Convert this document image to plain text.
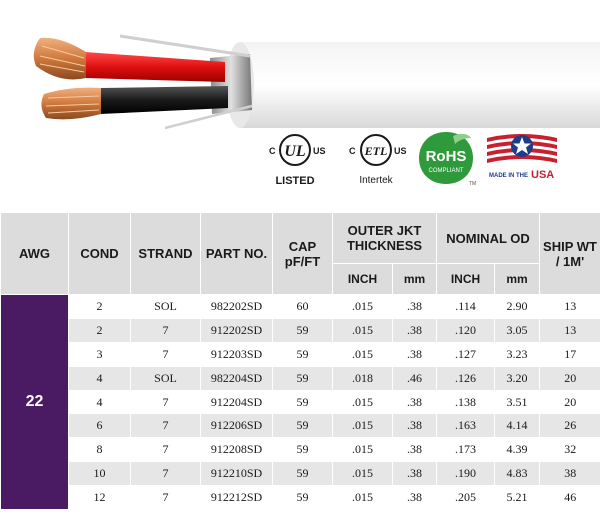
UL
C	US
LISTED
ETL
C	US
Intertek
RoHS
COMPLIANT
TM
MADE IN THE USA
AWG	COND	STRAND	PART NO.	CAP pF/FT	OUTER JKT THICKNESS		NOMINAL OD		SHIP WT / 1M'
					INCH	mm	INCH	mm	
22	2	SOL	982202SD	60	.015	.38	.114	2.90	13
	2	7	912202SD	59	.015	.38	.120	3.05	13
	3	7	912203SD	59	.015	.38	.127	3.23	17
	4	SOL	982204SD	59	.018	.46	.126	3.20	20
	4	7	912204SD	59	.015	.38	.138	3.51	20
	6	7	912206SD	59	.015	.38	.163	4.14	26
	8	7	912208SD	59	.015	.38	.173	4.39	32
	10	7	912210SD	59	.015	.38	.190	4.83	38
	12	7	912212SD	59	.015	.38	.205	5.21	46
